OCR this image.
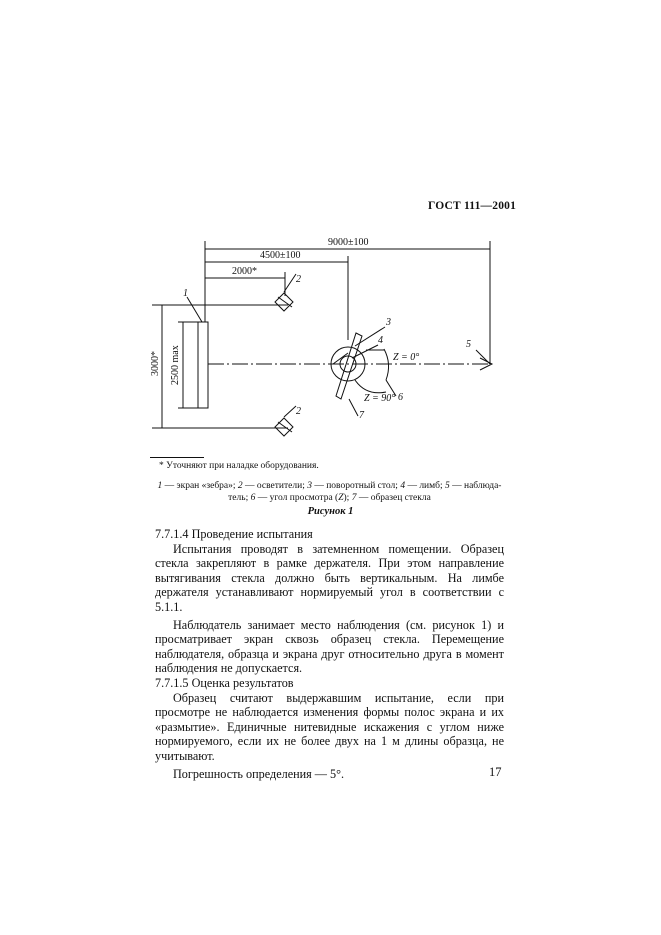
ГОСТ 111—2001
9000±100
4500±100
2000*
3000* 2500 max
1
2
2
3
4	5
6
7
Z = 0°
Z = 90°
* Уточняют при наладке оборудования.
1 — экран «зебра»; 2 — осветители; 3 — поворотный стол; 4 — лимб; 5 — наблюда-тель; 6 — угол просмотра (Z); 7 — образец стекла
Рисунок 1

7.7.1.4 Проведение испытания

Испытания проводят в затемненном помещении. Образец стекла закрепляют в рамке держателя. При этом направление вытягивания стекла должно быть вертикальным. На лимбе держателя устанавливают нормируемый угол в соответствии с 5.1.1.

Наблюдатель занимает место наблюдения (см. рисунок 1) и просматривает экран сквозь образец стекла. Перемещение наблюдателя, образца и экрана друг относительно друга в момент наблюдения не допускается.

7.7.1.5 Оценка результатов

Образец считают выдержавшим испытание, если при просмотре не наблюдается изменения формы полос экрана и их «размытие». Единичные нитевидные искажения с углом ниже нормируемого, если их не более двух на 1 м длины образца, не учитывают.

Погрешность определения — 5°.	17
